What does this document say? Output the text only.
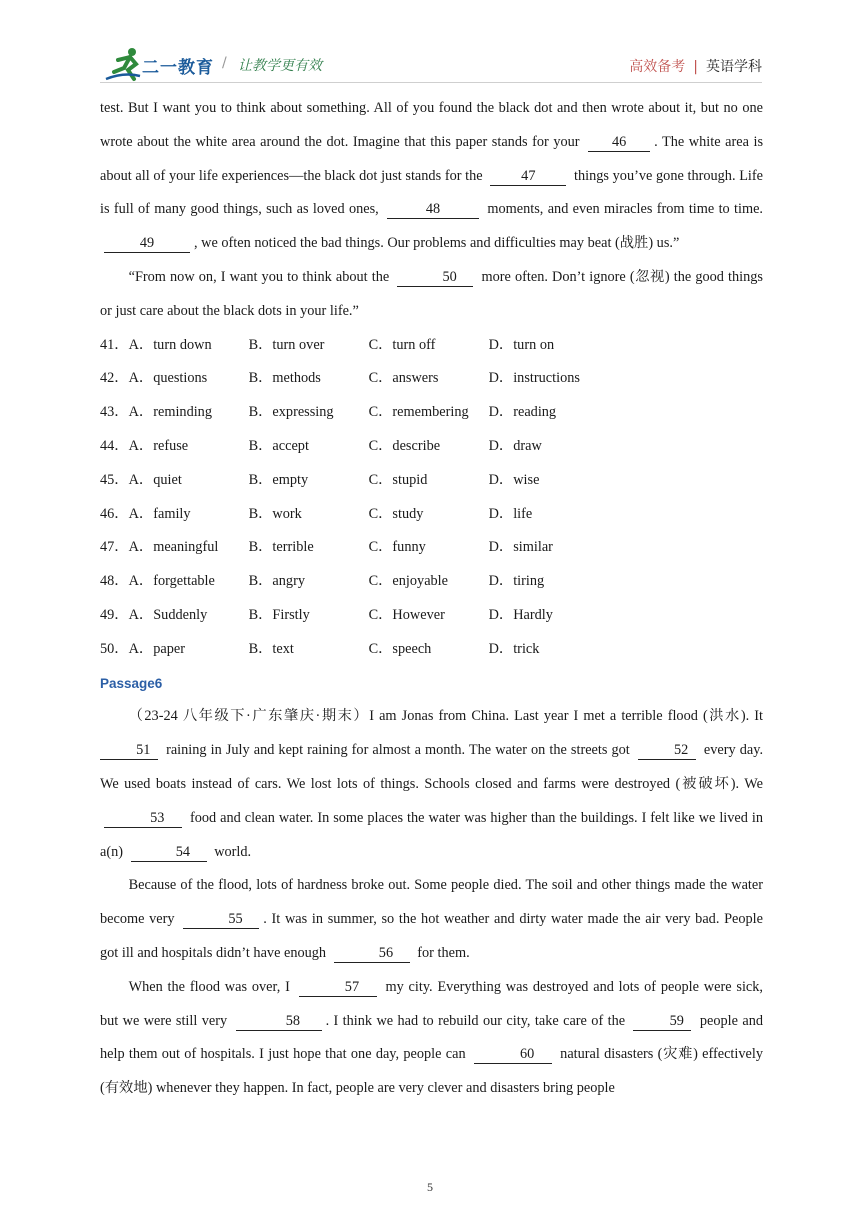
二一教育 / 让教学更有效	高效备考 | 英语学科

test. But I want you to think about something. All of you found the black dot and then wrote about it, but no one wrote about the white area around the dot. Imagine that this paper stands for your 46 . The white area is about all of your life experiences—the black dot just stands for the	47	things you’ve gone through. Life is full of many good things, such as loved ones,	48	moments, and even miracles from time to time. 49	, we often noticed the bad things. Our problems and difficulties may beat (战胜) us.”

“From now on, I want you to think about the	50 more often. Don’t ignore (忽视) the good things or just care about the black dots in your life.”

41． A．turn down	B．turn over	C．turn off	D．turn on
42． A．questions	B．methods	C．answers	D．instructions
43． A．reminding	B．expressing	C．remembering	D．reading
44． A．refuse	B．accept	C．describe	D．draw
45． A．quiet	B．empty	C．stupid	D．wise
46． A．family	B．work	C．study	D．life
47． A．meaningful	B．terrible	C．funny	D．similar
48． A．forgettable	B．angry	C．enjoyable	D．tiring
49． A．Suddenly	B．Firstly	C．However	D．Hardly
50． A．paper	B．text	C．speech	D．trick

Passage6

（23-24 八年级下·广东肇庆·期末）I am Jonas from China. Last year I met a terrible flood (洪水). It 51 raining in July and kept raining for almost a month. The water on the streets got	52 every day. We used boats instead of cars. We lost lots of things. Schools closed and farms were destroyed (被破坏). We 53 food and clean water. In some places the water was higher than the buildings. I felt like we lived in a(n)	54 world.

Because of the flood, lots of hardness broke out. Some people died. The soil and other things made the water become very	55 . It was in summer, so the hot weather and dirty water made the air very bad. People got ill and hospitals didn’t have enough	56 for them.

When the flood was over, I	57 my city. Everything was destroyed and lots of people were sick, but we were still very	58 . I think we had to rebuild our city, take care of the	59 people and help them out of hospitals. I just hope that one day, people can	60 natural disasters (灾难) effectively (有效地) whenever they happen. In fact, people are very clever and disasters bring people

5
